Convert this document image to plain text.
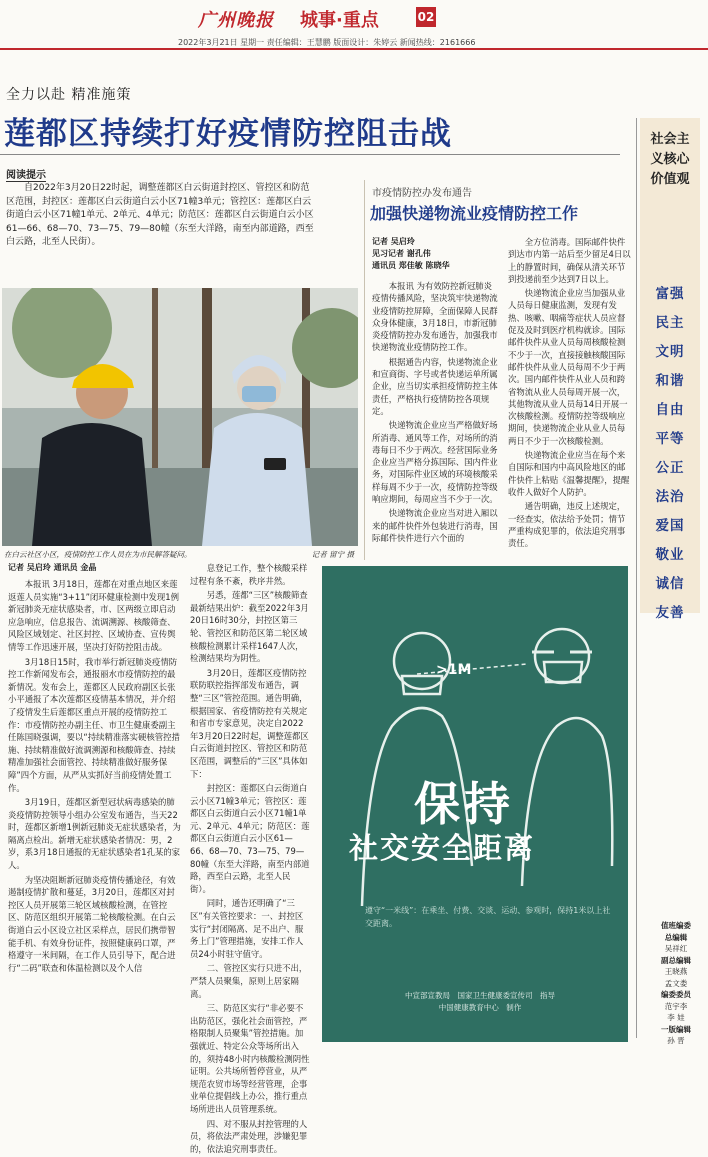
广州晚报 城事·重点	02
2022年3月21日 星期一 责任编辑：王慧鹏 版面设计：朱婷云 新闻热线：2161666
全力以赴 精准施策
莲都区持续打好疫情防控阻击战
阅读提示
自2022年3月20日22时起，调整莲都区白云街道封控区、管控区和防范区范围，封控区：莲都区白云街道白云小区71幢3单元；管控区：莲都区白云街道白云小区71幢1单元、2单元、4单元；防范区：莲都区白云街道白云小区61—66、68—70、73—75、79—80幢（东至大洋路，南至内部道路，西至白云路，北至人民街）。
市疫情防控办发布通告
加强快递物流业疫情防控工作
记者 吴启玲
见习记者 谢孔伟
通讯员 郑佳敏 陈晓华

本报讯 为有效防控新冠肺炎疫情传播风险，坚决筑牢快递物流业疫情防控屏障，全面保障人民群众身体健康，3月18日，市新冠肺炎疫情防控办发布通告，加强我市快递物流业疫情防控工作。

根据通告内容，快递物流企业和宣商街、字号或者快递运单所属企业，应当切实承担疫情防控主体责任，严格执行疫情防控各项规定。

快递物流企业应当严格做好场所消毒、通风等工作，对场所的消毒每日不少于两次。经营国际业务企业应当严格分拣国际、国内件业务，对国际件业区域的环境核酸采样每周不少于一次，疫情防控等级响应期间，每周应当不少于一次。

快递物流企业应当对进入厢以来的邮件快件外包装进行消毒，国际邮件快件进行六个面的

全方位消毒。国际邮件快件到达市内第一站后至少留足4日以上的静置时间，确保从清关环节到投递前至少达到7日以上。

快递物流企业应当加强从业人员每日健康监测，发现有发热、咳嗽、咽痛等症状人员应督促及及时到医疗机构就诊。国际邮件快件从业人员每周核酸检测不少于一次，直接接触核酸国际邮件快件从业人员每周不少于两次。国内邮件快件从业人员和跨省物流从业人员每周开展一次，其他物流从业人员每14日开展一次核酸检测。疫情防控等级响应期间，快递物流企业从业人员每两日不少于一次核酸检测。

快递物流企业应当在每个来自国际和国内中高风险地区的邮件快件上粘贴《温馨提醒》，提醒收件人做好个人防护。

通告明确，违反上述规定，一经查实，依法给予处罚；情节严重构成犯罪的，依法追究刑事责任。

在白云社区小区，疫情防控工作人员在为市民解答疑问。	记者 留宁 摄
记者 吴启玲 通讯员 金晶

本报讯 3月18日，莲都在对重点地区来莲返莲人员实施“3+11”闭环健康检测中发现1例新冠肺炎无症状感染者，市、区两级立即启动应急响应，信息报告、流调溯源、核酸筛查、风险区域划定、社区封控、区域协查、宣传舆情等工作迅速开展，坚决打好防控阻击战。

3月18日15时，我市举行新冠肺炎疫情防控工作新闻发布会，通报丽水市疫情防控的最新情况。发布会上，莲都区人民政府副区长张小平通报了本次莲都区疫情基本情况，并介绍了疫情发生后莲都区重点开展的疫情防控工作：市疫情防控办副主任、市卫生健康委副主任陈国晓强调，要以“持续精准落实硬核管控措施、持续精准做好流调溯源和核酸筛查、持续精准加强社会面管控、持续精准做好服务保障”四个方面，从严从实抓好当前疫情处置工作。

3月19日，莲都区新型冠状病毒感染的肺炎疫情防控领导小组办公室发布通告，当天22时，莲都区新增1例新冠肺炎无症状感染者，为隔离点检出。新增无症状感染者情况：男，2岁，系3月18日通报的无症状感染者1孔某的家人。

为坚决阻断新冠肺炎疫情传播途径，有效遏制疫情扩散和蔓延，3月20日，莲都区对封控区人员开展第三轮区域核酸检测，在管控区、防范区组织开展第二轮核酸检测。在白云街道白云小区设立社区采样点，居民们携带智能手机、有效身份证件，按照健康码口罩，严格遵守一米间隔，在工作人员引导下，配合进行“二码”联查和体温检测以及个人信

息登记工作，整个核酸采样过程有条不紊，秩序井然。

另悉，莲都“三区”核酸筛查最新结果出炉：截至2022年3月20日16时30分，封控区第三轮、管控区和防范区第二轮区域核酸检测累计采样1647人次，检测结果均为阴性。

3月20日，莲都区疫情防控联防联控指挥部发布通告，调整“三区”管控范围。通告明确，根据国家、省疫情防控有关规定和省市专家意见，决定自2022年3月20日22时起，调整莲都区白云街道封控区、管控区和防范区范围，调整后的“三区”具体如下：

封控区：莲都区白云街道白云小区71幢3单元；管控区：莲都区白云街道白云小区71幢1单元、2单元、4单元；防范区：莲都区白云街道白云小区61—66、68—70、73—75、79—80幢（东至大洋路，南至内部道路，西至白云路，北至人民街）。

同时，通告还明确了“三区”有关管控要求：一、封控区实行“封闭隔离、足不出户、服务上门”管理措施，安排工作人员24小时驻守值守。

二、管控区实行只进不出，严禁人员聚集，原则上居家隔离。

三、防范区实行“非必要不出防范区，强化社会面管控，严格限制人员聚集”管控措施。加强就近、特定公众等场所出入的，须持48小时内核酸检测阴性证明。公共场所暂停营业，从严规范农贸市场等经营管理，企事业单位提倡线上办公，推行重点场所进出人员管理系统。

四、对不服从封控管理的人员，将依法严肃处理，涉嫌犯罪的，依法追究刑事责任。

>1M
保持
社交安全距离
遵守“一米线”：在乘坐、付费、交谈、运动、参观时，保持1米以上社交距离。
中宣部宣教局　国家卫生健康委宣传司　指导
中国健康教育中心　制作
社会主义核心价值观
富强
民主
文明
和谐
自由
平等
公正
法治
爱国
敬业
诚信
友善
值班编委
总编辑
吴祥红
副总编辑
王晓燕
孟文娄
编委委员
范宇李
李 娃
一版编辑
孙 晋
